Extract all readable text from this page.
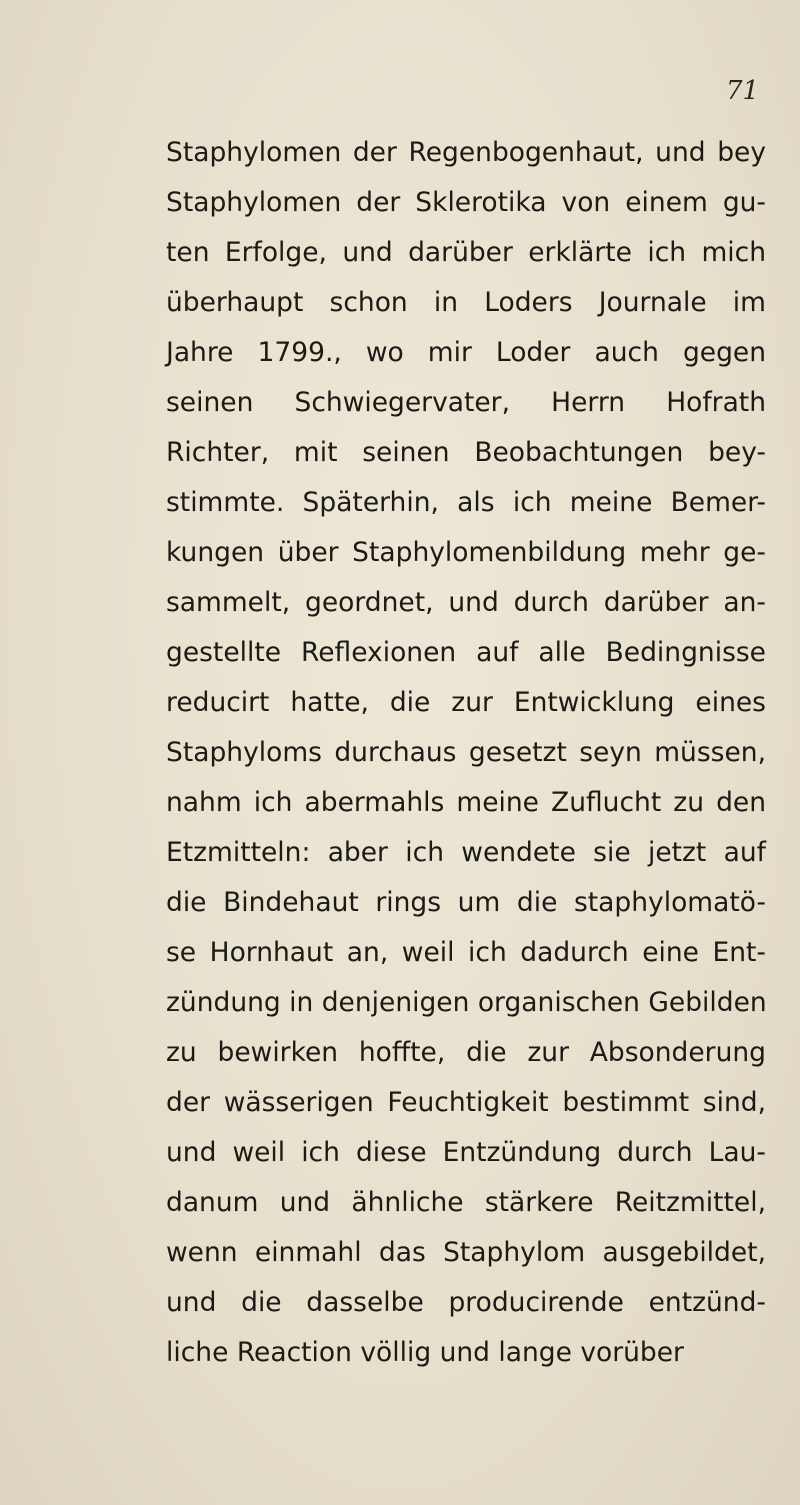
71
Staphylomen der Regenbogenhaut, und bey
Staphylomen der Sklerotika von einem gu-
ten Erfolge, und darüber erklärte ich mich
überhaupt schon in Loders Journale im
Jahre 1799., wo mir Loder auch gegen
seinen Schwiegervater, Herrn Hofrath
Richter, mit seinen Beobachtungen bey-
stimmte. Späterhin, als ich meine Bemer-
kungen über Staphylomenbildung mehr ge-
sammelt, geordnet, und durch darüber an-
gestellte Reflexionen auf alle Bedingnisse
reducirt hatte, die zur Entwicklung eines
Staphyloms durchaus gesetzt seyn müssen,
nahm ich abermahls meine Zuflucht zu den
Etzmitteln: aber ich wendete sie jetzt auf
die Bindehaut rings um die staphylomatö-
se Hornhaut an, weil ich dadurch eine Ent-
zündung in denjenigen organischen Gebilden
zu bewirken hoffte, die zur Absonderung
der wässerigen Feuchtigkeit bestimmt sind,
und weil ich diese Entzündung durch Lau-
danum und ähnliche stärkere Reitzmittel,
wenn einmahl das Staphylom ausgebildet,
und die dasselbe producirende entzünd-
liche Reaction völlig und lange vorüber
